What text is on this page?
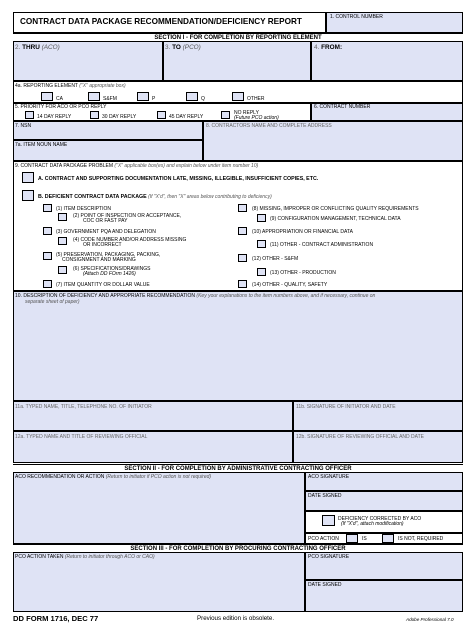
CONTRACT DATA PACKAGE RECOMMENDATION/DEFICIENCY REPORT	1. CONTROL NUMBER
SECTION I - FOR COMPLETION BY REPORTING ELEMENT
2. THRU (ACO)	3. TO (PCO)	4. FROM:
4a. REPORTING ELEMENT ("X" appropriate box)
CA	S&FM	P	Q	OTHER
5. PRIORITY FOR ACO OR PCO REPLY
14 DAY REPLY	30 DAY REPLY	45 DAY REPLY
NO REPLY
(Future PCO action)
6. CONTRACT NUMBER
7. NSN	8. CONTRACTORS NAME AND COMPLETE ADDRESS
7a. ITEM NOUN NAME
9. CONTRACT DATA PACKAGE PROBLEM ("X" applicable box(es) and explain below under item number 10)
A. CONTRACT AND SUPPORTING DOCUMENTATION LATE, MISSING, ILLEGIBLE, INSUFFICIENT COPIES, ETC.
B. DEFICIENT CONTRACT DATA PACKAGE (If "X'd", then "X" areas below contributing to deficiency)
(1) ITEM DESCRIPTION
(2) POINT OF INSPECTION OR ACCEPTANCE,
COC OR FAST PAY
(3) GOVERNMENT PQA AND DELEGATION
(4) CODE NUMBER AND/OR ADDRESS MISSING
OR INCORRECT
(5) PRESERVATION, PACKAGING, PACKING,
CONSIGNMENT AND MARKING
(6) SPECIFICATIONS/DRAWINGS
(Attach DD FOrm 1426)
(7) ITEM QUANTITY OR DOLLAR VALUE
(8) MISSING, IMPROPER OR CONFLICTING QUALITY REQUIREMENTS
(9) CONFIGURATION MANAGEMENT, TECHNICAL DATA
(10) APPROPRIATION OR FINANCIAL DATA
(11) OTHER - CONTRACT ADMINISTRATION
(12) OTHER - S&FM
(13) OTHER - PRODUCTION
(14) OTHER - QUALITY, SAFETY
10. DESCRIPTION OF DEFICIENCY AND APPROPRIATE RECOMMENDATION (Key your explanations to the item numbers above, and if necessary, continue on
separate sheet of paper)
11a. TYPED NAME, TITLE, TELEPHONE NO. OF INITIATOR	11b. SIGNATURE OF INITIATOR AND DATE
12a. TYPED NAME AND TITLE OF REVIEWING OFFICIAL	12b. SIGNATURE OF REVIEWING OFFICIAL AND DATE
SECTION II - FOR COMPLETION BY ADMINISTRATIVE CONTRACTING OFFICER
ACO RECOMMENDATION OR ACTION (Return to initiator if PCO action is not required)	ACO SIGNATURE
DATE SIGNED
DEFICIENCY CORRECTED BY ACO
(If "X'd", attach modification)
PCO ACTION	IS	IS NOT, REQUIRED
SECTION III - FOR COMPLETION BY PROCURING CONTRACTING OFFICER
PCO ACTION TAKEN (Return to initiator through ACO or CAO)	PCO SIGNATURE
DATE SIGNED
DD FORM 1716, DEC 77	Previous edition is obsolete.	Adobe Professional 7.0
